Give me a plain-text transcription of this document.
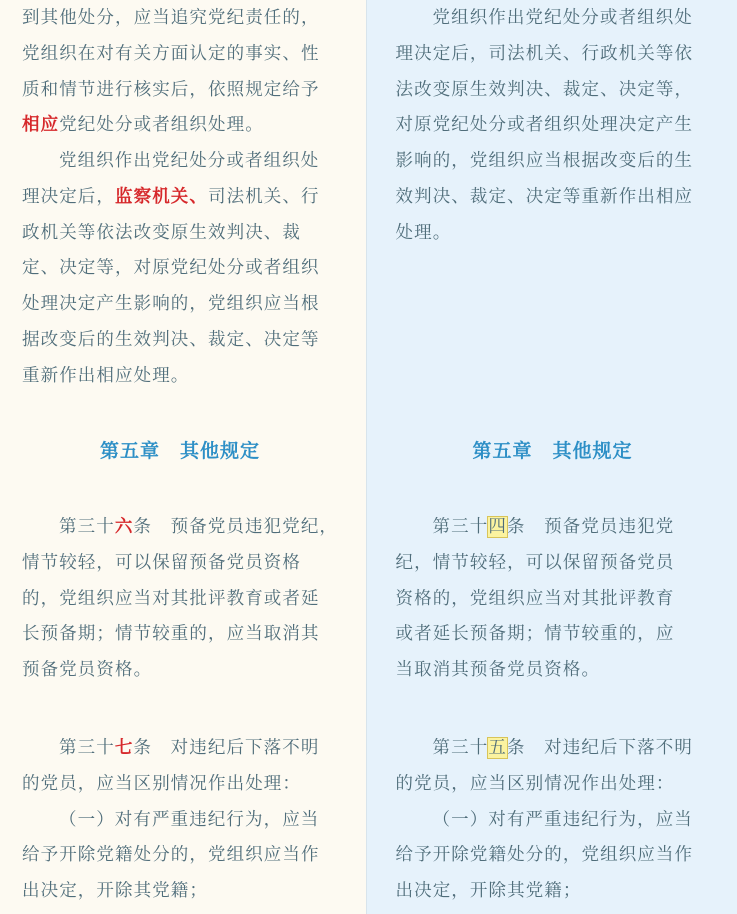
到其他处分，应当追究党纪责任的，
党组织在对有关方面认定的事实、性
质和情节进行核实后，依照规定给予
相应党纪处分或者组织处理。
党组织作出党纪处分或者组织处
理决定后，监察机关、司法机关、行
政机关等依法改变原生效判决、裁
定、决定等，对原党纪处分或者组织
处理决定产生影响的，党组织应当根
据改变后的生效判决、裁定、决定等
重新作出相应处理。
第五章　其他规定
第三十六条　预备党员违犯党纪，
情节较轻，可以保留预备党员资格
的，党组织应当对其批评教育或者延
长预备期；情节较重的，应当取消其
预备党员资格。
第三十七条　对违纪后下落不明
的党员，应当区别情况作出处理：
（一）对有严重违纪行为，应当
给予开除党籍处分的，党组织应当作
出决定，开除其党籍；
党组织作出党纪处分或者组织处
理决定后，司法机关、行政机关等依
法改变原生效判决、裁定、决定等，
对原党纪处分或者组织处理决定产生
影响的，党组织应当根据改变后的生
效判决、裁定、决定等重新作出相应
处理。
第五章　其他规定
第三十四条　预备党员违犯党
纪，情节较轻，可以保留预备党员
资格的，党组织应当对其批评教育
或者延长预备期；情节较重的，应
当取消其预备党员资格。
第三十五条　对违纪后下落不明
的党员，应当区别情况作出处理：
（一）对有严重违纪行为，应当
给予开除党籍处分的，党组织应当作
出决定，开除其党籍；
